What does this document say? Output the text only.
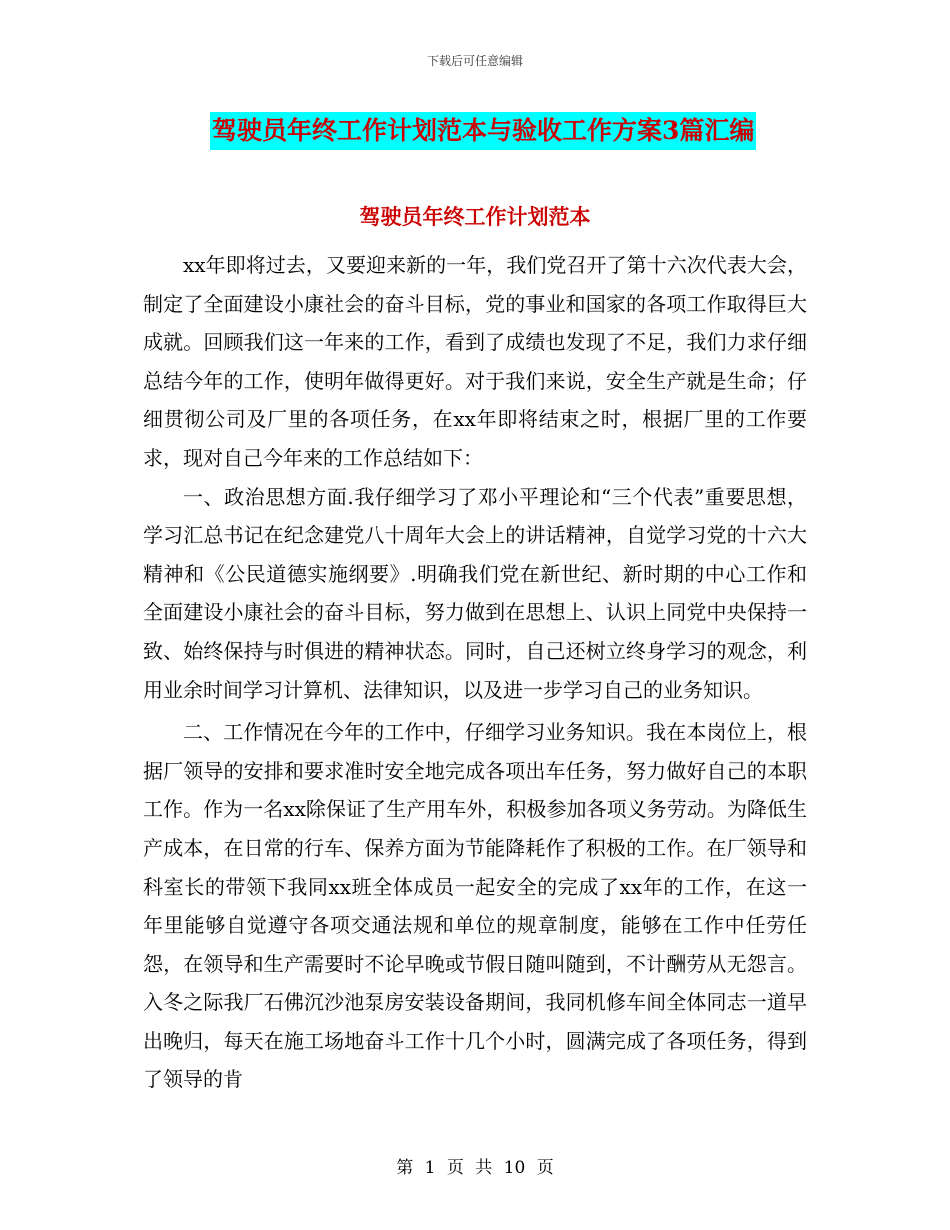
下载后可任意编辑
驾驶员年终工作计划范本与验收工作方案3篇汇编
驾驶员年终工作计划范本

xx年即将过去，又要迎来新的一年，我们党召开了第十六次代表大会，制定了全面建设小康社会的奋斗目标，党的事业和国家的各项工作取得巨大成就。回顾我们这一年来的工作，看到了成绩也发现了不足，我们力求仔细总结今年的工作，使明年做得更好。对于我们来说，安全生产就是生命；仔细贯彻公司及厂里的各项任务，在xx年即将结束之时，根据厂里的工作要求，现对自己今年来的工作总结如下：

一、政治思想方面.我仔细学习了邓小平理论和“三个代表”重要思想，学习汇总书记在纪念建党八十周年大会上的讲话精神，自觉学习党的十六大精神和《公民道德实施纲要》.明确我们党在新世纪、新时期的中心工作和全面建设小康社会的奋斗目标，努力做到在思想上、认识上同党中央保持一致、始终保持与时俱进的精神状态。同时，自己还树立终身学习的观念，利用业余时间学习计算机、法律知识，以及进一步学习自己的业务知识。

二、工作情况在今年的工作中，仔细学习业务知识。我在本岗位上，根据厂领导的安排和要求准时安全地完成各项出车任务，努力做好自己的本职工作。作为一名xx除保证了生产用车外，积极参加各项义务劳动。为降低生产成本，在日常的行车、保养方面为节能降耗作了积极的工作。在厂领导和科室长的带领下我同xx班全体成员一起安全的完成了xx年的工作，在这一年里能够自觉遵守各项交通法规和单位的规章制度，能够在工作中任劳任怨，在领导和生产需要时不论早晚或节假日随叫随到，不计酬劳从无怨言。入冬之际我厂石佛沉沙池泵房安装设备期间，我同机修车间全体同志一道早出晚归，每天在施工场地奋斗工作十几个小时，圆满完成了各项任务，得到了领导的肯

第 1 页 共 10 页
